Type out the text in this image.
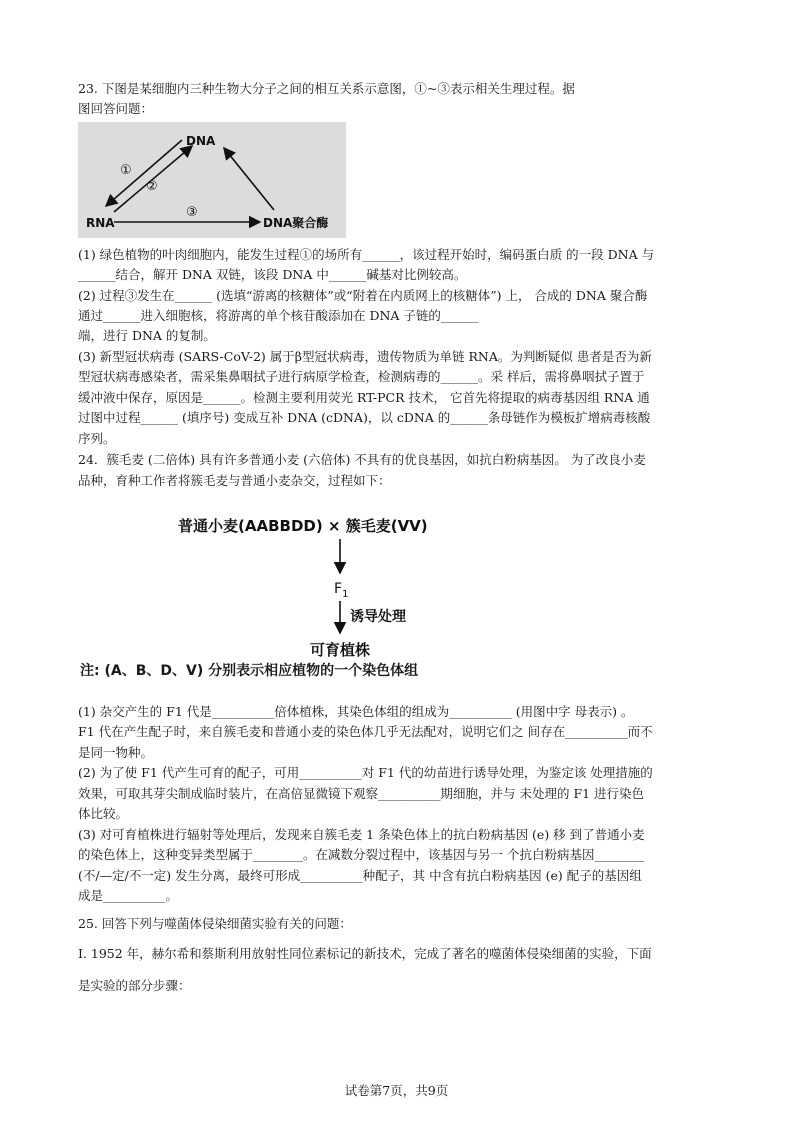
23. 下图是某细胞内三种生物大分子之间的相互关系示意图，①~③表示相关生理过程。据
图回答问题：
DNA
RNA	DNA聚合酶
①
②
③
(1) 绿色植物的叶肉细胞内，能发生过程①的场所有______，该过程开始时，编码蛋白质 的一段 DNA 与
______结合，解开 DNA 双链，该段 DNA 中______碱基对比例较高。
(2) 过程③发生在______ (选填“游离的核糖体”或“附着在内质网上的核糖体”) 上， 合成的 DNA 聚合酶
通过______进入细胞核，将游离的单个核苷酸添加在 DNA 子链的______
端，进行 DNA 的复制。
(3) 新型冠状病毒 (SARS-CoV-2) 属于β型冠状病毒，遗传物质为单链 RNA。为判断疑似 患者是否为新
型冠状病毒感染者，需采集鼻咽拭子进行病原学检查，检测病毒的______。采 样后，需将鼻咽拭子置于
缓冲液中保存，原因是______。检测主要利用荧光 RT-PCR 技术， 它首先将提取的病毒基因组 RNA 通
过图中过程______ (填序号) 变成互补 DNA (cDNA)，以 cDNA 的______条母链作为模板扩增病毒核酸
序列。
24．簇毛麦 (二倍体) 具有许多普通小麦 (六倍体) 不具有的优良基因，如抗白粉病基因。 为了改良小麦
品种，育种工作者将簇毛麦与普通小麦杂交，过程如下：
普通小麦(AABBDD) × 簇毛麦(VV)
$F_1$
诱导处理
可育植株
注: (A、B、D、V) 分别表示相应植物的一个染色体组
(1) 杂交产生的 F1 代是__________倍体植株，其染色体组的组成为__________ (用图中字 母表示) 。
F1 代在产生配子时，来自簇毛麦和普通小麦的染色体几乎无法配对，说明它们之 间存在__________而不
是同一物种。
(2) 为了使 F1 代产生可育的配子，可用__________对 F1 代的幼苗进行诱导处理，为鉴定该 处理措施的
效果，可取其芽尖制成临时装片，在高倍显微镜下观察__________期细胞，并与 未处理的 F1 进行染色
体比较。
(3) 对可育植株进行辐射等处理后，发现来自簇毛麦 1 条染色体上的抗白粉病基因 (e) 移 到了普通小麦
的染色体上，这种变异类型属于________。在减数分裂过程中，该基因与另一 个抗白粉病基因________
(不/—定/不一定) 发生分离，最终可形成__________种配子，其 中含有抗白粉病基因 (e) 配子的基因组
成是__________。
25. 回答下列与噬菌体侵染细菌实验有关的问题：
Ⅰ. 1952 年，赫尔希和蔡斯利用放射性同位素标记的新技术，完成了著名的噬菌体侵染细菌的实验，下面
是实验的部分步骤：
试卷第7页，共9页
